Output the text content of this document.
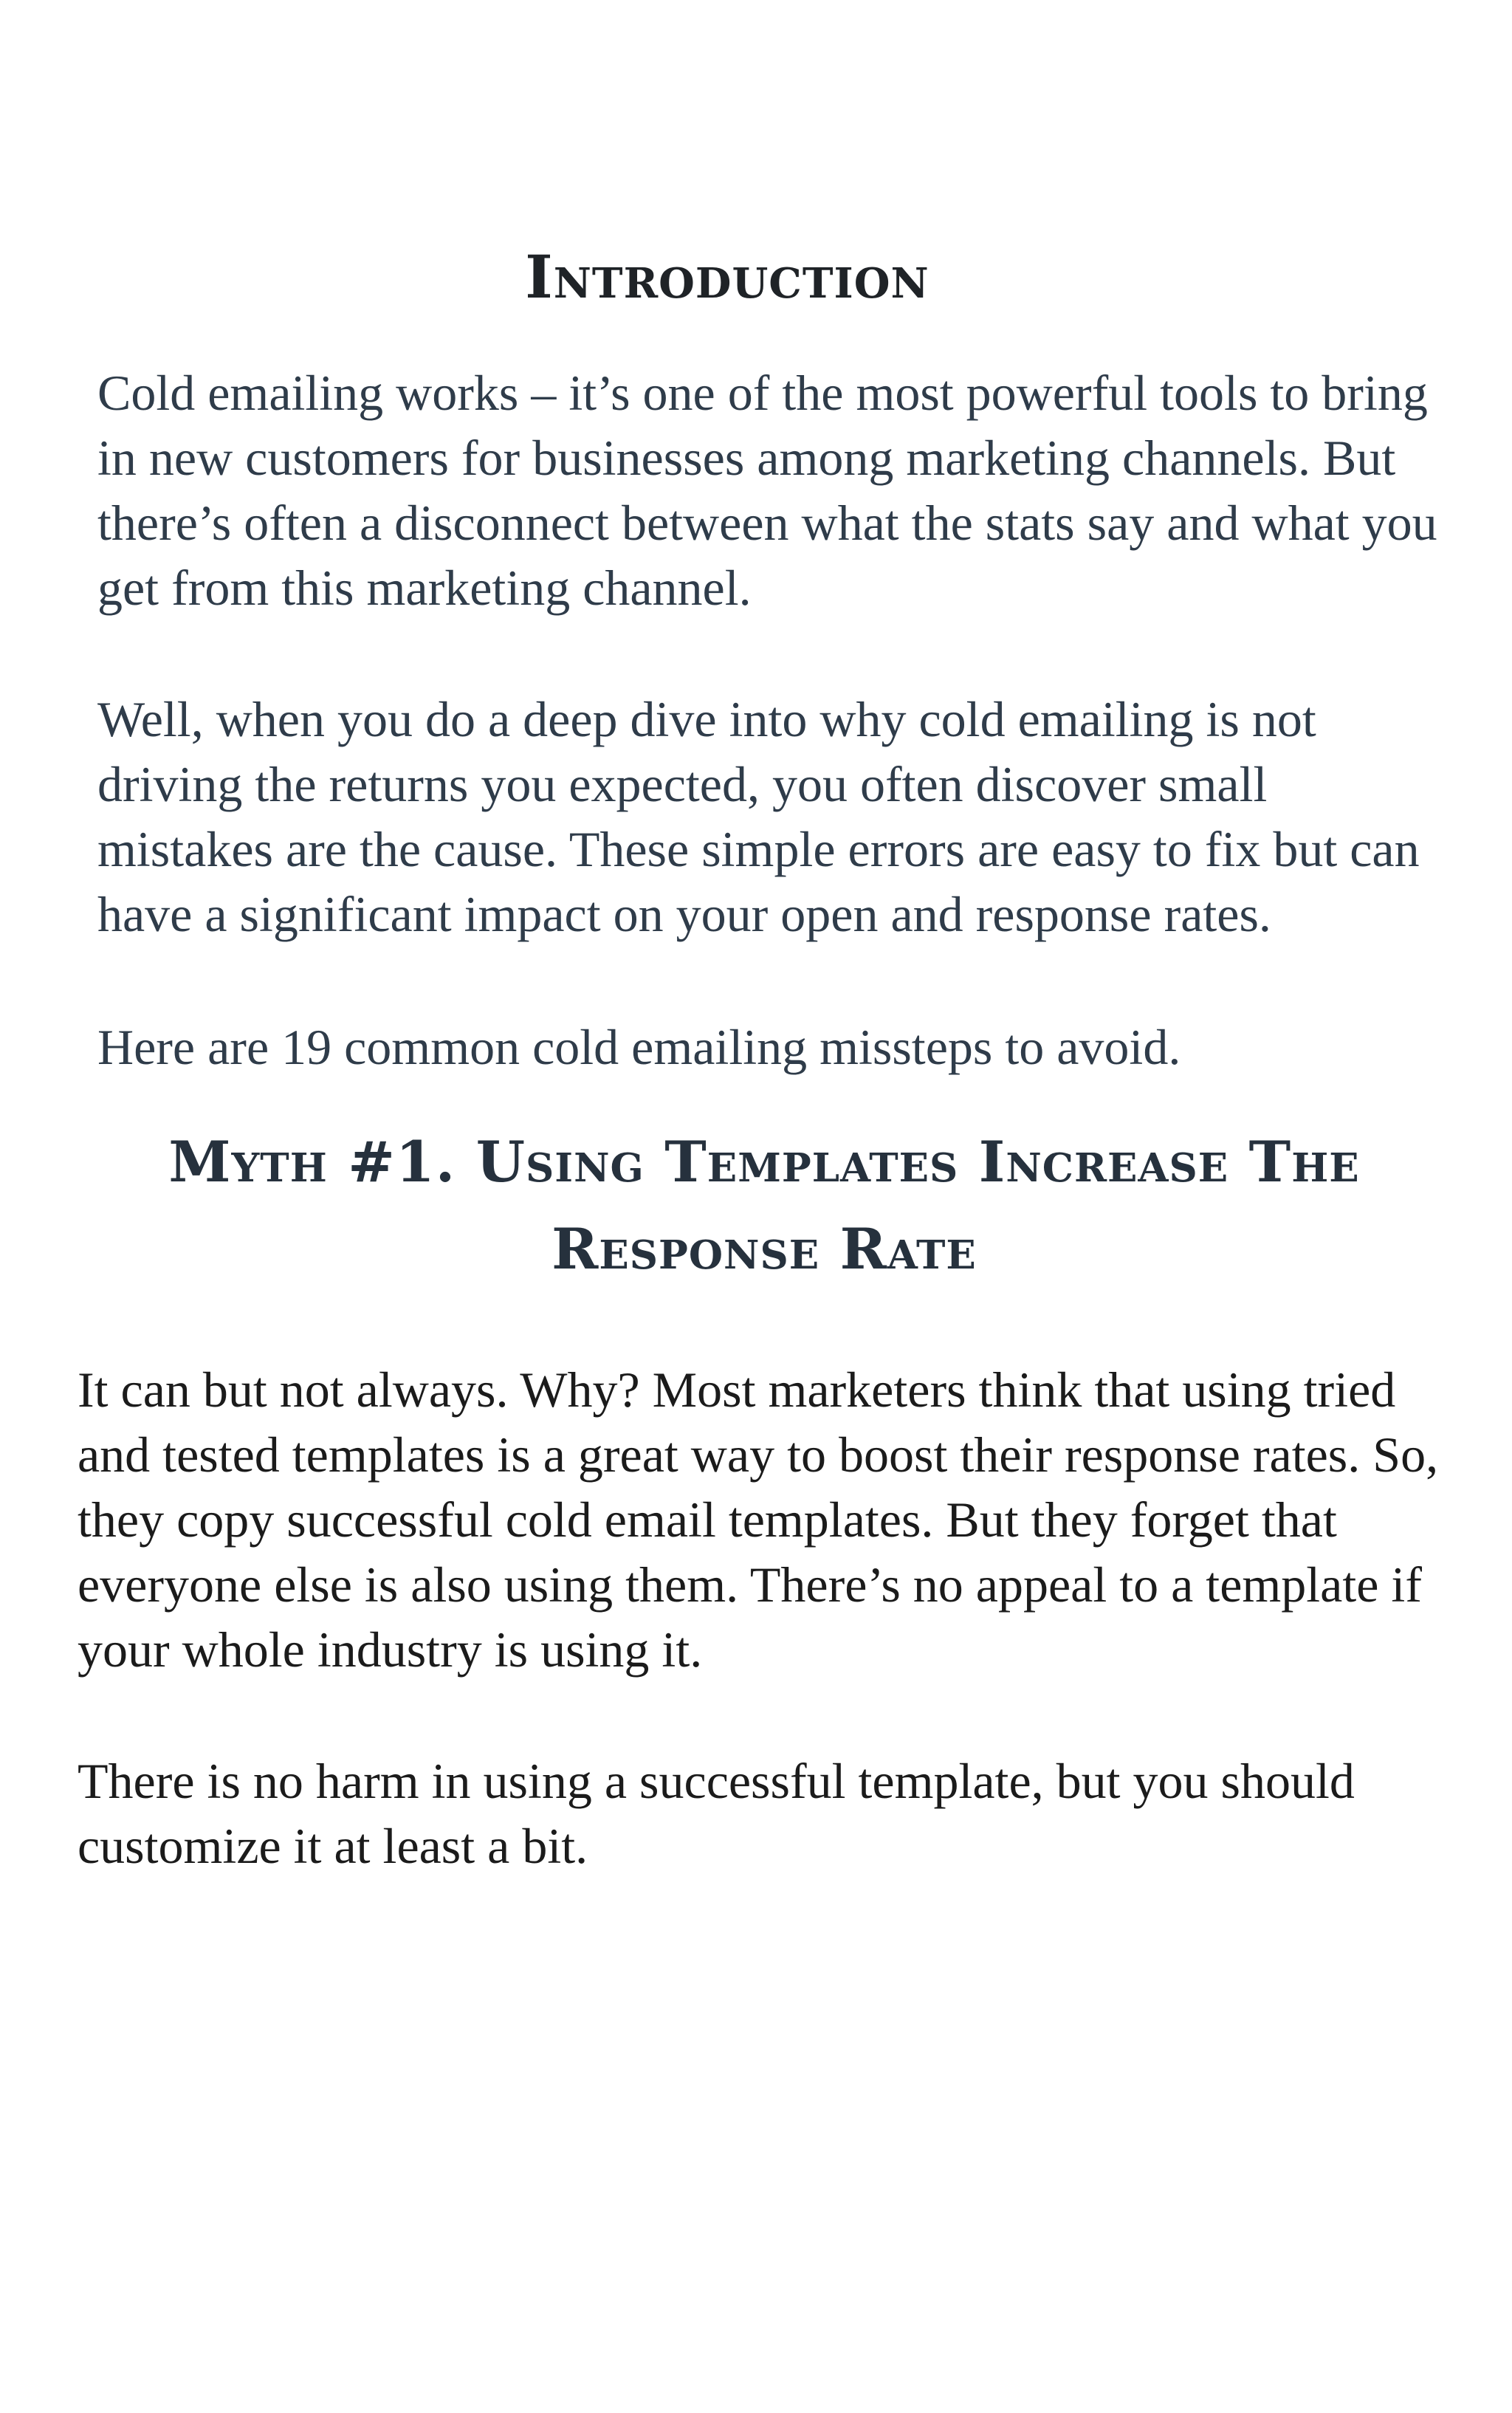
Introduction

Cold emailing works – it’s one of the most powerful tools to bring in new customers for businesses among marketing channels. But there’s often a disconnect between what the stats say and what you get from this marketing channel.

Well, when you do a deep dive into why cold emailing is not driving the returns you expected, you often discover small mistakes are the cause. These simple errors are easy to fix but can have a significant impact on your open and response rates.

Here are 19 common cold emailing missteps to avoid.

Myth #1. Using Templates Increase The Response Rate

It can but not always. Why? Most marketers think that using tried and tested templates is a great way to boost their response rates. So, they copy successful cold email templates. But they forget that everyone else is also using them. There’s no appeal to a template if your whole industry is using it.

There is no harm in using a successful template, but you should customize it at least a bit.
